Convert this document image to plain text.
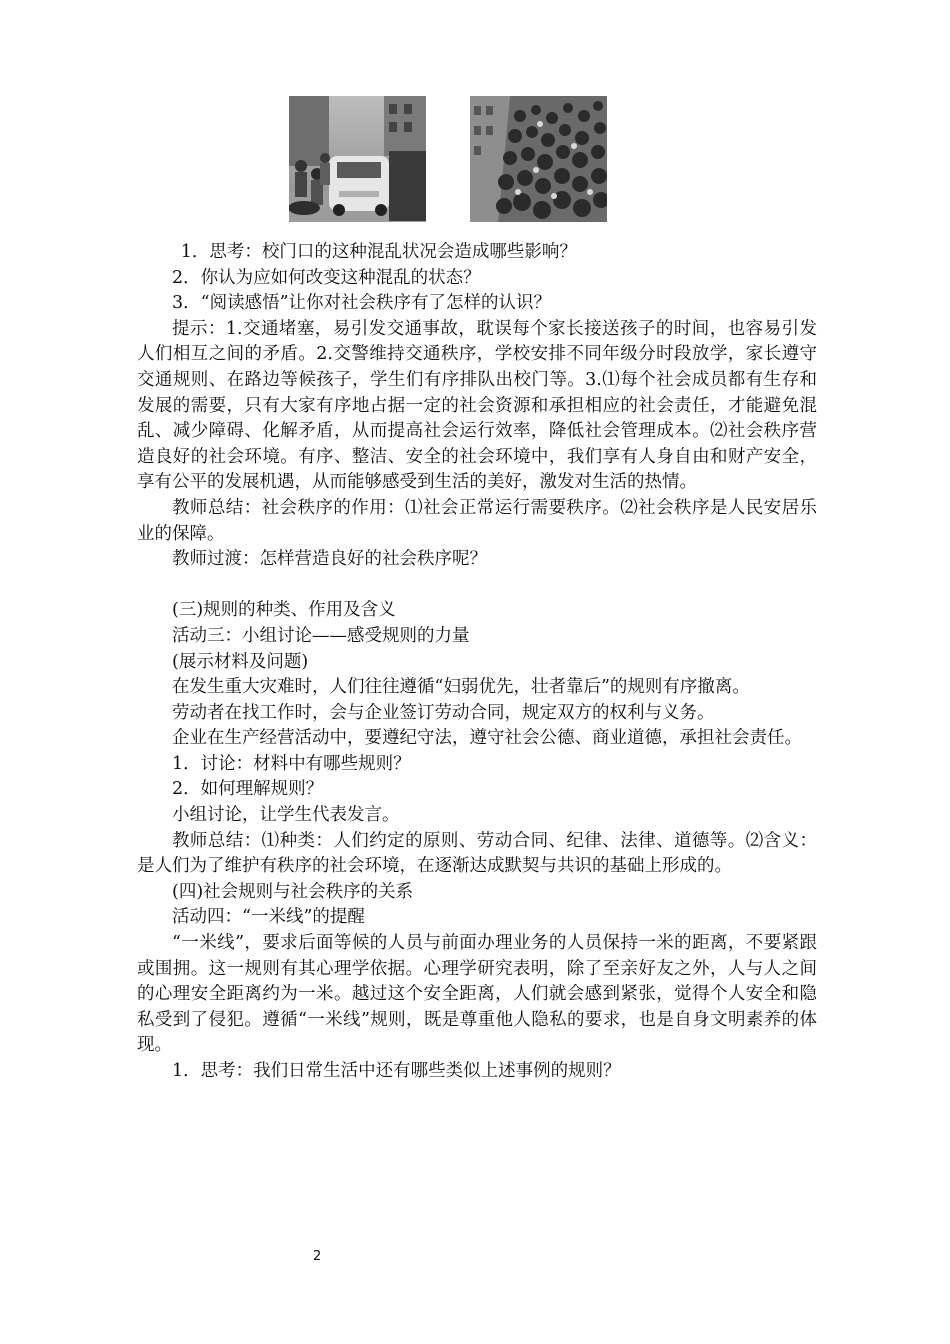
1．思考：校门口的这种混乱状况会造成哪些影响？

2．你认为应如何改变这种混乱的状态？

3．“阅读感悟”让你对社会秩序有了怎样的认识？

提示：1.交通堵塞，易引发交通事故，耽误每个家长接送孩子的时间，也容易引发人们相互之间的矛盾。2.交警维持交通秩序，学校安排不同年级分时段放学，家长遵守交通规则、在路边等候孩子，学生们有序排队出校门等。3.⑴每个社会成员都有生存和发展的需要，只有大家有序地占据一定的社会资源和承担相应的社会责任，才能避免混乱、减少障碍、化解矛盾，从而提高社会运行效率，降低社会管理成本。⑵社会秩序营造良好的社会环境。有序、整洁、安全的社会环境中，我们享有人身自由和财产安全，享有公平的发展机遇，从而能够感受到生活的美好，激发对生活的热情。

教师总结：社会秩序的作用：⑴社会正常运行需要秩序。⑵社会秩序是人民安居乐业的保障。

教师过渡：怎样营造良好的社会秩序呢？

(三)规则的种类、作用及含义

活动三：小组讨论——感受规则的力量

(展示材料及问题)

在发生重大灾难时，人们往往遵循“妇弱优先，壮者靠后”的规则有序撤离。

劳动者在找工作时，会与企业签订劳动合同，规定双方的权利与义务。

企业在生产经营活动中，要遵纪守法，遵守社会公德、商业道德，承担社会责任。

1．讨论：材料中有哪些规则？

2．如何理解规则？

小组讨论，让学生代表发言。

教师总结：⑴种类：人们约定的原则、劳动合同、纪律、法律、道德等。⑵含义：是人们为了维护有秩序的社会环境，在逐渐达成默契与共识的基础上形成的。

(四)社会规则与社会秩序的关系

活动四：“一米线”的提醒

“一米线”，要求后面等候的人员与前面办理业务的人员保持一米的距离，不要紧跟或围拥。这一规则有其心理学依据。心理学研究表明，除了至亲好友之外，人与人之间的心理安全距离约为一米。越过这个安全距离，人们就会感到紧张，觉得个人安全和隐私受到了侵犯。遵循“一米线”规则，既是尊重他人隐私的要求，也是自身文明素养的体现。

1．思考：我们日常生活中还有哪些类似上述事例的规则？

2
